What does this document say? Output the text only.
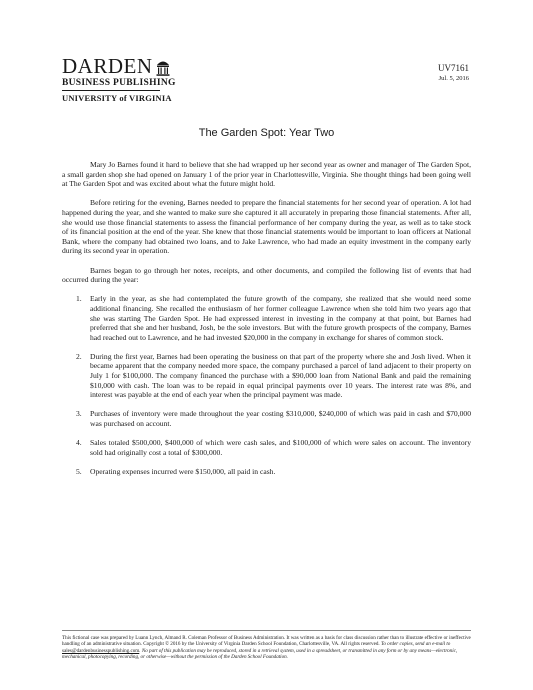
DARDEN
BUSINESS PUBLISHING
UNIVERSITY of VIRGINIA
UV7161
Jul. 5, 2016
The Garden Spot: Year Two

Mary Jo Barnes found it hard to believe that she had wrapped up her second year as owner and manager of The Garden Spot, a small garden shop she had opened on January 1 of the prior year in Charlottesville, Virginia. She thought things had been going well at The Garden Spot and was excited about what the future might hold.

Before retiring for the evening, Barnes needed to prepare the financial statements for her second year of operation. A lot had happened during the year, and she wanted to make sure she captured it all accurately in preparing those financial statements. After all, she would use those financial statements to assess the financial performance of her company during the year, as well as to take stock of its financial position at the end of the year. She knew that those financial statements would be important to loan officers at National Bank, where the company had obtained two loans, and to Jake Lawrence, who had made an equity investment in the company early during its second year in operation.

Barnes began to go through her notes, receipts, and other documents, and compiled the following list of events that had occurred during the year:

1. Early in the year, as she had contemplated the future growth of the company, she realized that she would need some additional financing. She recalled the enthusiasm of her former colleague Lawrence when she told him two years ago that she was starting The Garden Spot. He had expressed interest in investing in the company at that point, but Barnes had preferred that she and her husband, Josh, be the sole investors. But with the future growth prospects of the company, Barnes had reached out to Lawrence, and he had invested $20,000 in the company in exchange for shares of common stock.
2. During the first year, Barnes had been operating the business on that part of the property where she and Josh lived. When it became apparent that the company needed more space, the company purchased a parcel of land adjacent to their property on July 1 for $100,000. The company financed the purchase with a $90,000 loan from National Bank and paid the remaining $10,000 with cash. The loan was to be repaid in equal principal payments over 10 years. The interest rate was 8%, and interest was payable at the end of each year when the principal payment was made.
3. Purchases of inventory were made throughout the year costing $310,000, $240,000 of which was paid in cash and $70,000 was purchased on account.
4. Sales totaled $500,000, $400,000 of which were cash sales, and $100,000 of which were sales on account. The inventory sold had originally cost a total of $300,000.
5. Operating expenses incurred were $150,000, all paid in cash.
This fictional case was prepared by Luann Lynch, Almand R. Coleman Professor of Business Administration. It was written as a basis for class discussion rather than to illustrate effective or ineffective handling of an administrative situation. Copyright © 2016 by the University of Virginia Darden School Foundation, Charlottesville, VA. All rights reserved. To order copies, send an e-mail to sales@dardenbusinesspublishing.com. No part of this publication may be reproduced, stored in a retrieval system, used in a spreadsheet, or transmitted in any form or by any means—electronic, mechanical, photocopying, recording, or otherwise—without the permission of the Darden School Foundation.
